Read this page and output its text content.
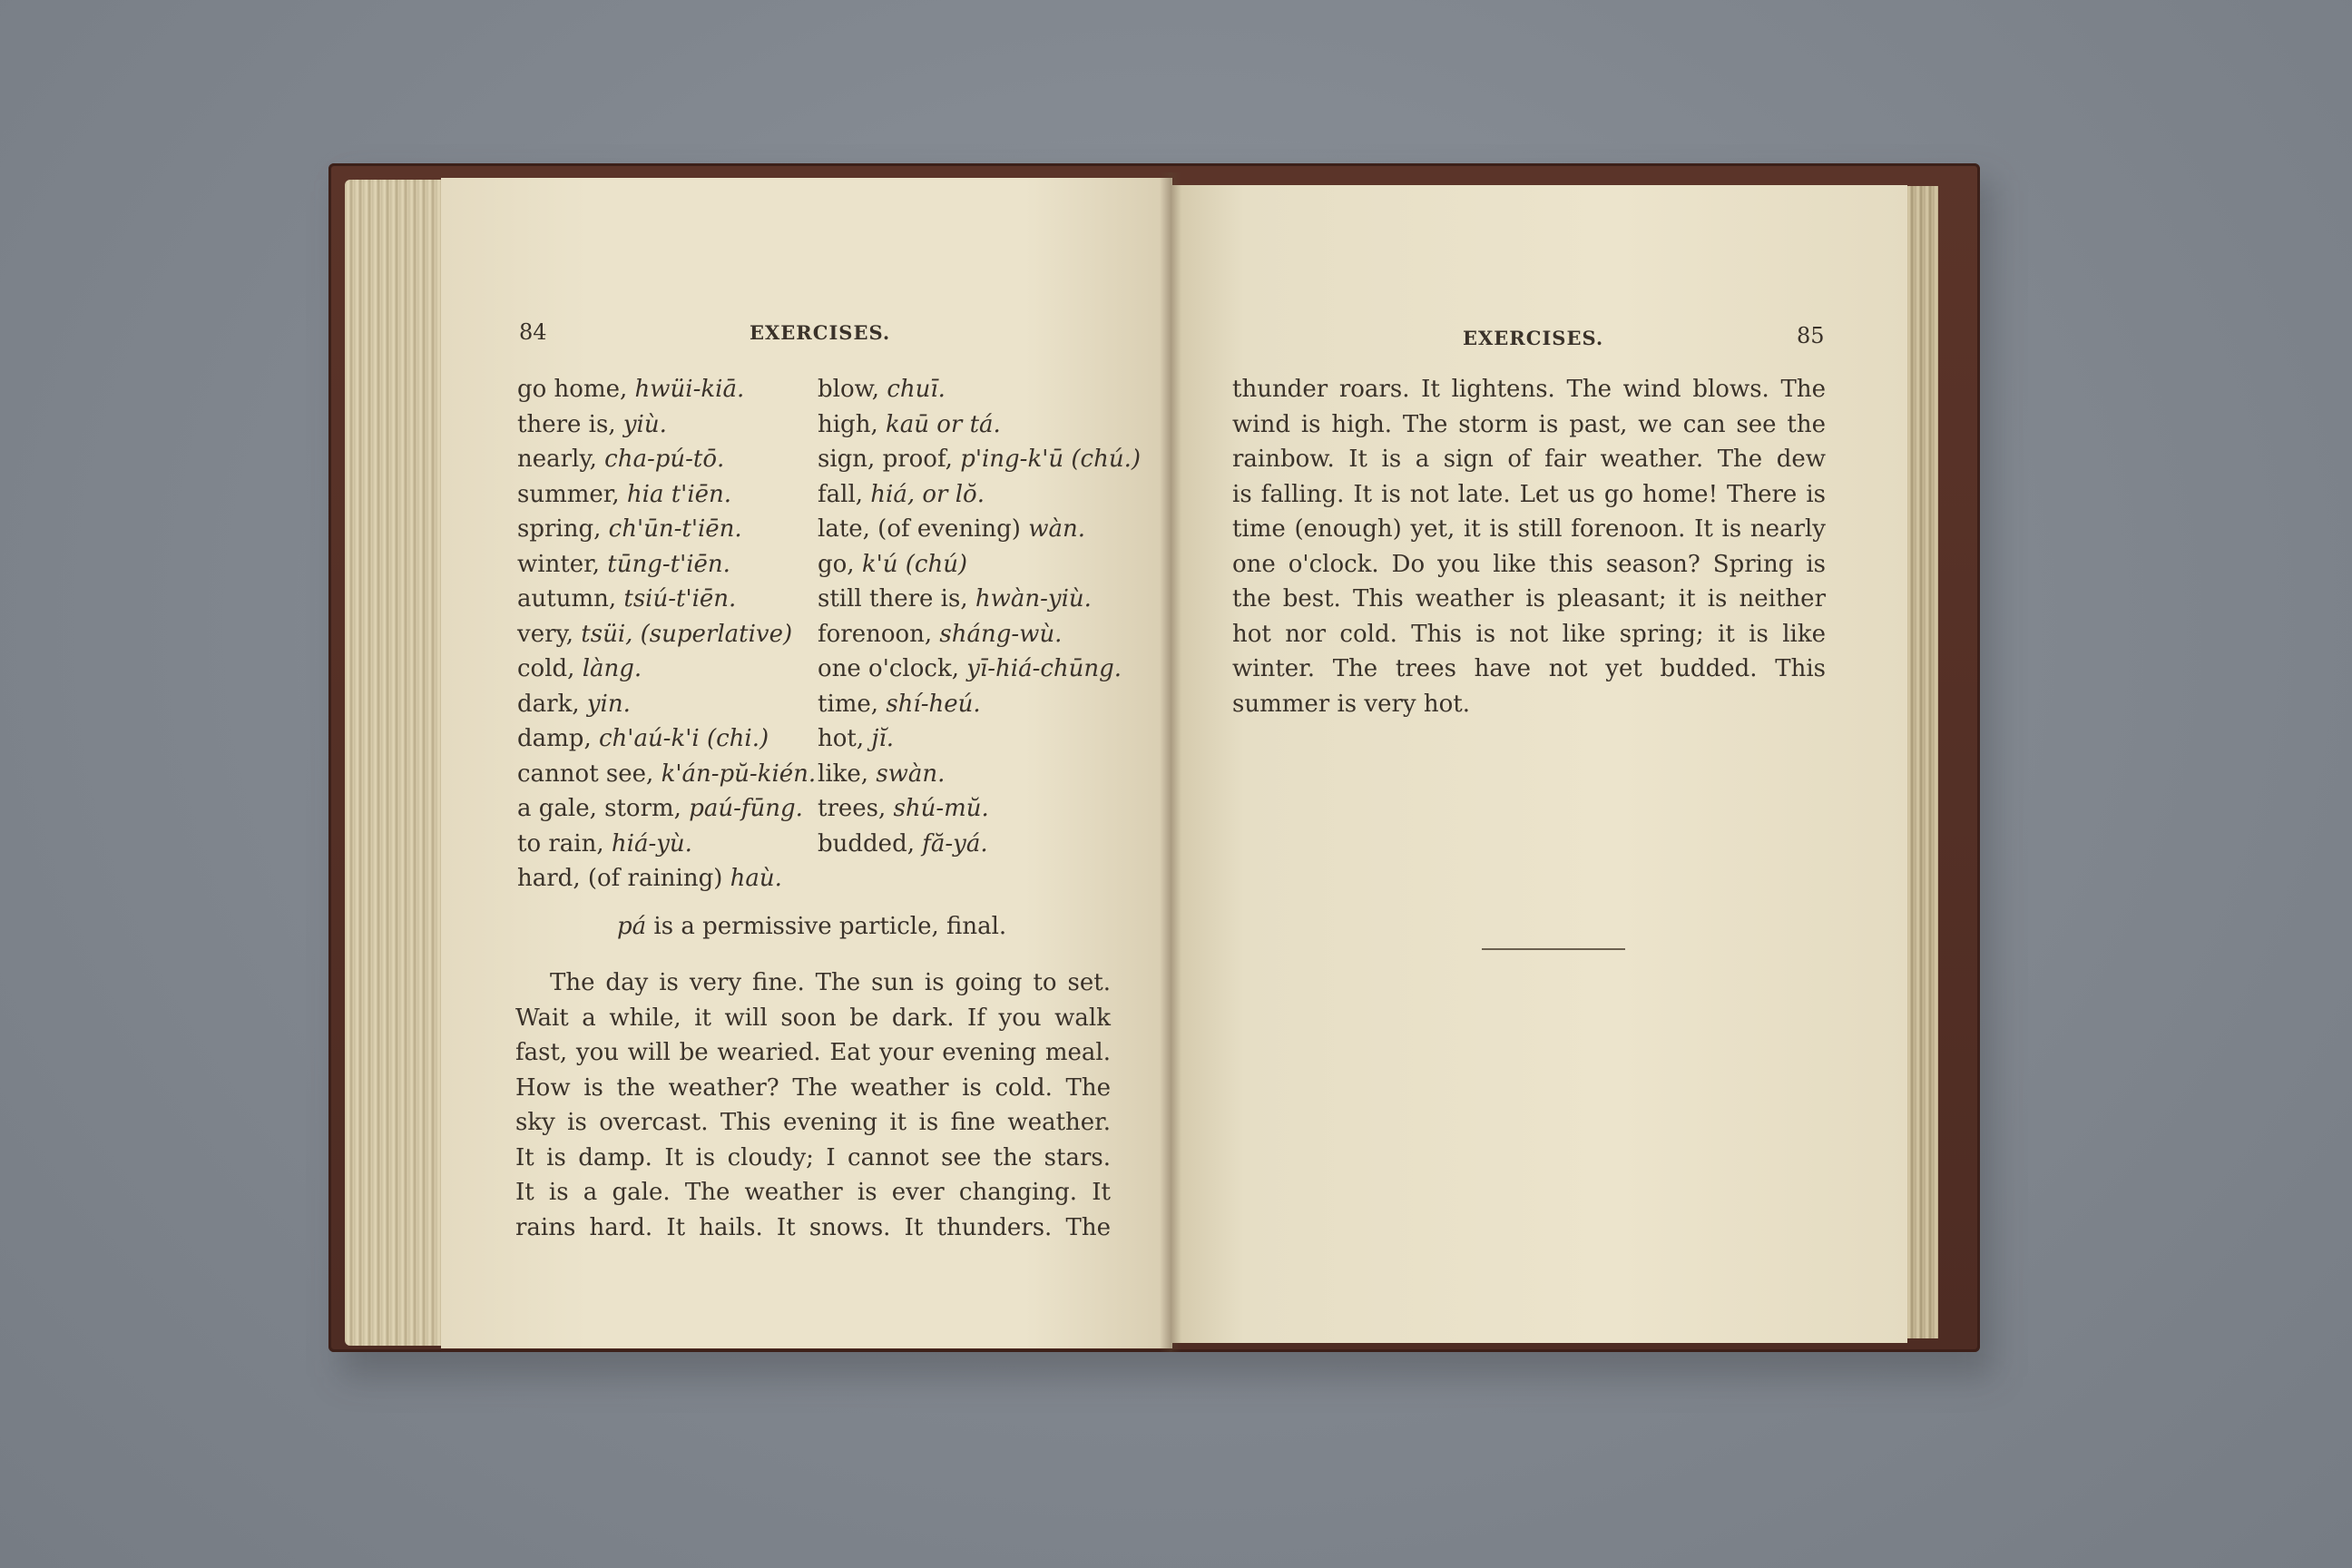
84	EXERCISES.
go home, hwüi-kiā.
there is, yiù.
nearly, cha-pú-tō.
summer, hia t'iēn.
spring, ch'ūn-t'iēn.
winter, tūng-t'iēn.
autumn, tsiú-t'iēn.
very, tsüi, (superlative)
cold, làng.
dark, yin.
damp, ch'aú-k'i (chi.)
cannot see, k'án-pŭ-kién.
a gale, storm, paú-fūng.
to rain, hiá-yù.
hard, (of raining) haù.
blow, chuī.
high, kaū or tá.
sign, proof, p'ing-k'ū (chú.)
fall, hiá, or lŏ.
late, (of evening) wàn.
go, k'ú (chú)
still there is, hwàn-yiù.
forenoon, sháng-wù.
one o'clock, yī-hiá-chūng.
time, shí-heú.
hot, jĭ.
like, swàn.
trees, shú-mŭ.
budded, fă-yá.
pá is a permissive particle, final.
The day is very fine. The sun is going to set.
Wait a while, it will soon be dark. If you walk
fast, you will be wearied. Eat your evening meal.
How is the weather? The weather is cold. The
sky is overcast. This evening it is fine weather.
It is damp. It is cloudy; I cannot see the stars.
It is a gale. The weather is ever changing. It
rains hard. It hails. It snows. It thunders. The
EXERCISES.	85
thunder roars. It lightens. The wind blows. The
wind is high. The storm is past, we can see the
rainbow. It is a sign of fair weather. The dew
is falling. It is not late. Let us go home! There is
time (enough) yet, it is still forenoon. It is nearly
one o'clock. Do you like this season? Spring is
the best. This weather is pleasant; it is neither
hot nor cold. This is not like spring; it is like
winter. The trees have not yet budded. This
summer is very hot.
